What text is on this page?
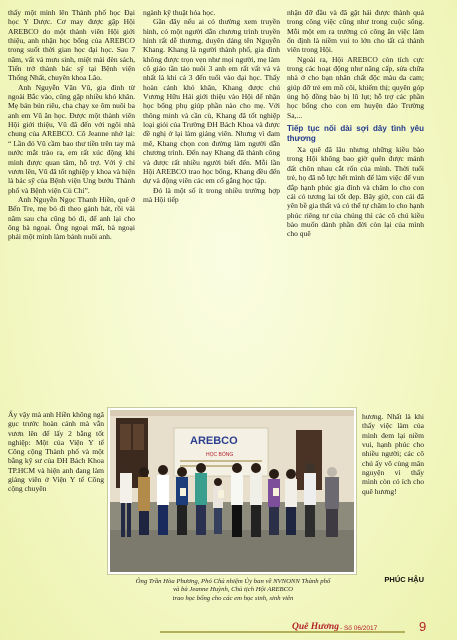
thấy một mình lên Thành phố học Đại học Y Dược. Cơ may được gặp Hội AREBCO do một thành viên Hội giới thiệu, anh nhận học bổng của AREBCO trong suốt thời gian học đại học. Sau 7 năm, vất vả mưu sinh, miệt mài đèn sách, Tiến trở thành bác sỹ tại Bệnh viện Thống Nhất, chuyên khoa Lão.

Anh Nguyễn Văn Vũ, gia đình từ ngoài Bắc vào, cũng gặp nhiều khó khăn. Mẹ bán bún riêu, cha chạy xe ôm nuôi ba anh em Vũ ăn học. Được một thành viên Hội giới thiệu, Vũ đã đến với ngôi nhà chung của AREBCO. Cô Jeanne nhớ lại: “ Lần đó Vũ cầm bao thư tiền trên tay mà nước mắt trào ra, em rất xúc động khi mình được quan tâm, hỗ trợ. Với ý chí vươn lên, Vũ đã tốt nghiệp y khoa và hiện là bác sỹ của Bệnh viện Ung bướu Thành phố và Bệnh viện Củ Chi”.

Anh Nguyễn Ngọc Thanh Hiền, quê ở Bến Tre, mẹ bỏ đi theo gánh hát, rồi vài năm sau cha cũng bỏ đi, để anh lại cho ông bà ngoại. Ông ngoại mất, bà ngoại phải một mình làm bánh nuôi anh.

Ấy vậy mà anh Hiền không ngã gục trước hoàn cảnh mà vẫn vươn lên để lấy 2 bằng tốt nghiệp: Một của Viện Y tế Công cộng Thành phố và một bằng kỹ sư của ĐH Bách Khoa TP.HCM và hiện anh đang làm giảng viên ở Viện Y tế Công cộng chuyên

ngành kỹ thuật hóa học.

Gần đây nếu ai có thường xem truyền hình, có một người dẫn chương trình truyền hình rất dễ thương, duyên dáng tên Nguyễn Khang. Khang là người thành phố, gia đình không được trọn vẹn như mọi người, mẹ làm cô giáo tần tảo nuôi 3 anh em rất vất vả và nhất là khi cả 3 đến tuổi vào đại học. Thấy hoàn cảnh khó khăn, Khang được chú Vương Hữu Hải giới thiệu vào Hội để nhận học bổng phụ giúp phần nào cho mẹ. Với thông minh và cần cù, Khang đã tốt nghiệp loại giỏi của Trường ĐH Bách Khoa và được đề nghị ở lại làm giảng viên. Nhưng vì đam mê, Khang chọn con đường làm người dẫn chương trình. Đến nay Khang đã thành công và được rất nhiều người biết đến. Mỗi lần Hội AREBCO trao học bổng, Khang đều đến dự và động viên các em cố gắng học tập.

Đó là một số ít trong nhiều trường hợp mà Hội tiếp

nhận đỡ đầu và đã gặt hái được thành quả trong công việc cũng như trong cuộc sống. Mỗi một em ra trường có công ăn việc làm ổn định là niềm vui to lớn cho tất cả thành viên trong Hội.

Ngoài ra, Hội AREBCO còn tích cực trong các hoạt động như nâng cấp, sửa chữa nhà ở cho bạn nhân chất độc màu da cam; giúp đỡ trẻ em mồ côi, khiếm thị; quyên góp ủng hộ đồng bào bị lũ lụt; hỗ trợ các phần học bổng cho con em huyện đảo Trường Sa,...

Tiếp tục nối dài sợi dây tình yêu thương

Xa quê đã lâu nhưng những kiều bào trong Hội không bao giờ quên được mảnh đất chôn nhau cắt rốn của mình. Thời tuổi trẻ, họ đã nỗ lực hết mình để làm việc để vun đắp hạnh phúc gia đình và chăm lo cho con cái có tương lai tốt đẹp. Bây giờ, con cái đã yên bề gia thất và có thể tự chăm lo cho hạnh phúc riêng tư của chúng thì các cô chú kiều bào muốn dành phần đời còn lại của mình cho quê

hương. Nhất là khi thấy việc làm của mình đem lại niềm vui, hạnh phúc cho nhiều người; các cô chú ấy vô cùng mãn nguyện vì thấy mình còn có ích cho quê hương!

PHÚC HẬU
AREBCO
HỌC BỔNG

Ông Trần Hòa Phương, Phó Chủ nhiệm Ủy ban về NVNONN Thành phố

và bà Jeanne Huỳnh, Chủ tịch Hội AREBCO

trao học bổng cho các em học sinh, sinh viên

Quê Hương - Số 06/2017	9
